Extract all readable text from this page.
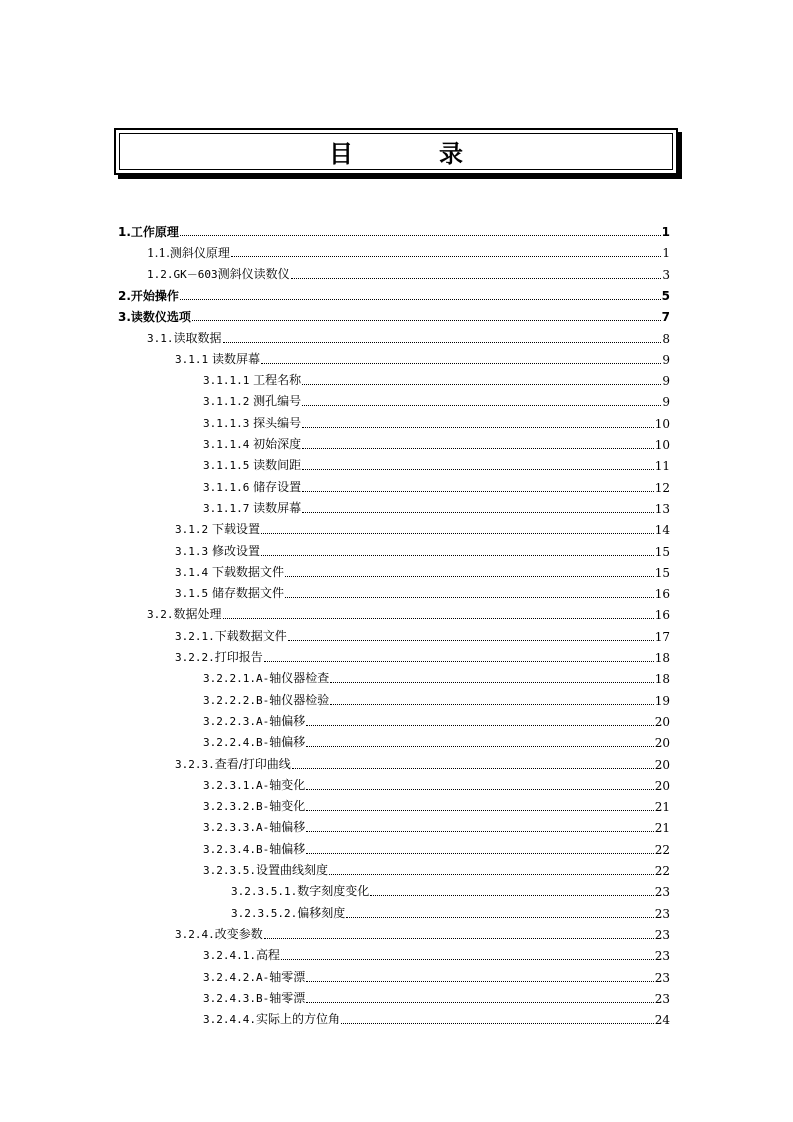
目	录
1.工作原理	1
1.1.测斜仪原理	1
1.2.GK－603测斜仪读数仪	3
2.开始操作	5
3.读数仪选项	7
3.1.读取数据	8
3.1.1 读数屏幕	9
3.1.1.1 工程名称	9
3.1.1.2 测孔编号	9
3.1.1.3 探头编号	10
3.1.1.4 初始深度	10
3.1.1.5 读数间距	11
3.1.1.6 储存设置	12
3.1.1.7 读数屏幕	13
3.1.2 下载设置	14
3.1.3 修改设置	15
3.1.4 下载数据文件	15
3.1.5 储存数据文件	16
3.2.数据处理	16
3.2.1.下载数据文件	17
3.2.2.打印报告	18
3.2.2.1.A-轴仪器检查	18
3.2.2.2.B-轴仪器检验	19
3.2.2.3.A-轴偏移	20
3.2.2.4.B-轴偏移	20
3.2.3.查看/打印曲线	20
3.2.3.1.A-轴变化	20
3.2.3.2.B-轴变化	21
3.2.3.3.A-轴偏移	21
3.2.3.4.B-轴偏移	22
3.2.3.5.设置曲线刻度	22
3.2.3.5.1.数字刻度变化	23
3.2.3.5.2.偏移刻度	23
3.2.4.改变参数	23
3.2.4.1.高程	23
3.2.4.2.A-轴零漂	23
3.2.4.3.B-轴零漂	23
3.2.4.4.实际上的方位角	24
